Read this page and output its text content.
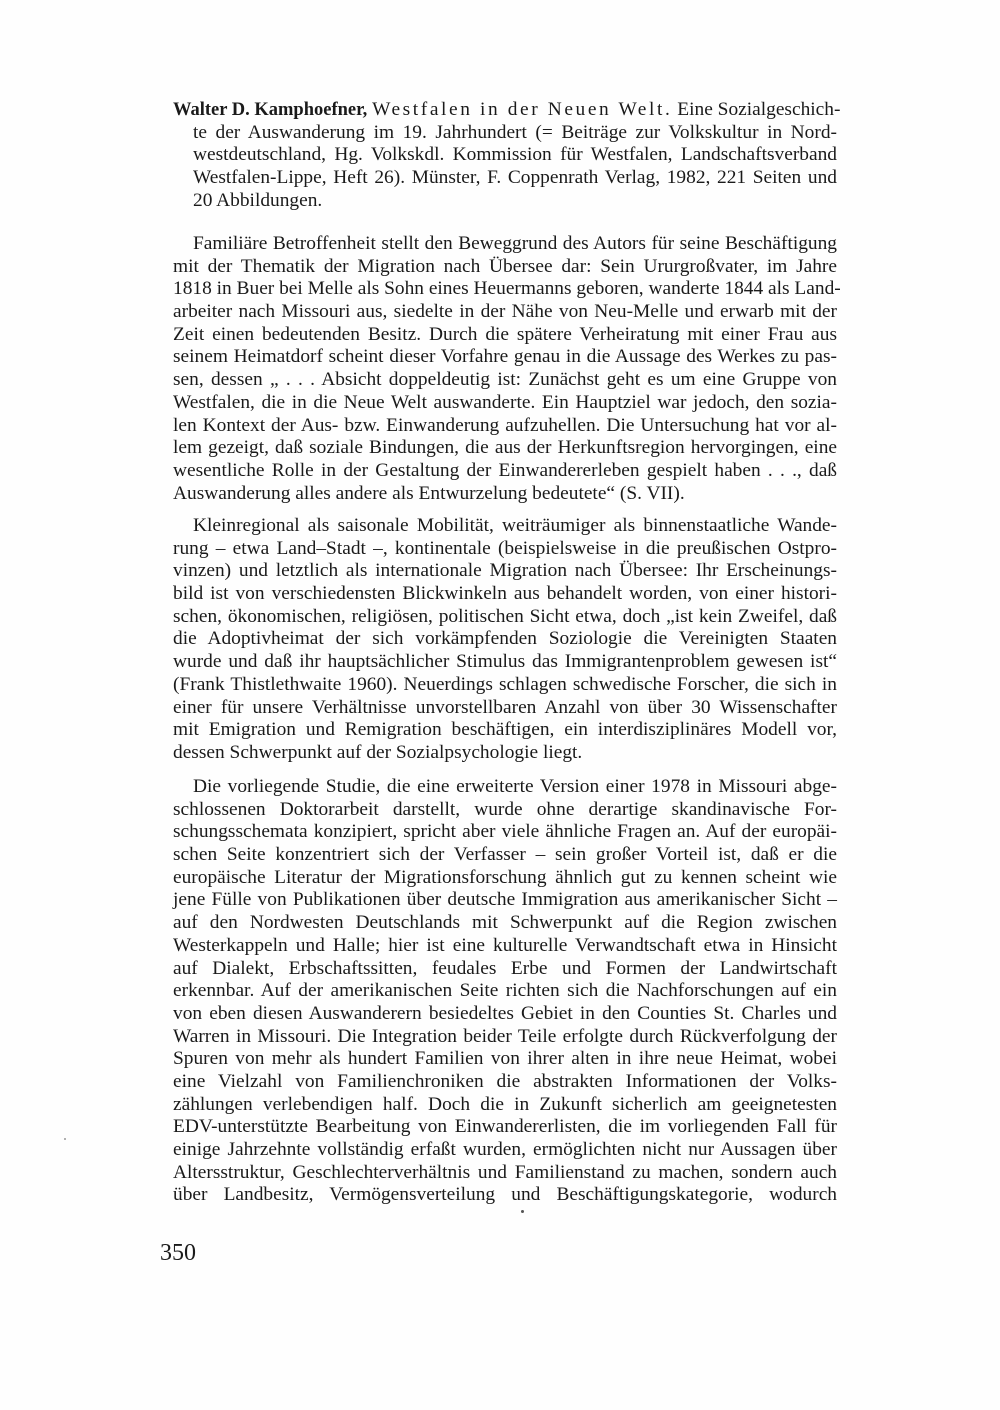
Walter D. Kamphoefner, Westfalen in der Neuen Welt. Eine Sozialgeschich-
te der Auswanderung im 19. Jahrhundert (= Beiträge zur Volkskultur in Nord-
westdeutschland, Hg. Volkskdl. Kommission für Westfalen, Landschaftsverband
Westfalen-Lippe, Heft 26). Münster, F. Coppenrath Verlag, 1982, 221 Seiten und
20 Abbildungen.
Familiäre Betroffenheit stellt den Beweggrund des Autors für seine Beschäftigung
mit der Thematik der Migration nach Übersee dar: Sein Ururgroßvater, im Jahre
1818 in Buer bei Melle als Sohn eines Heuermanns geboren, wanderte 1844 als Land-
arbeiter nach Missouri aus, siedelte in der Nähe von Neu-Melle und erwarb mit der
Zeit einen bedeutenden Besitz. Durch die spätere Verheiratung mit einer Frau aus
seinem Heimatdorf scheint dieser Vorfahre genau in die Aussage des Werkes zu pas-
sen, dessen „ . . . Absicht doppeldeutig ist: Zunächst geht es um eine Gruppe von
Westfalen, die in die Neue Welt auswanderte. Ein Hauptziel war jedoch, den sozia-
len Kontext der Aus- bzw. Einwanderung aufzuhellen. Die Untersuchung hat vor al-
lem gezeigt, daß soziale Bindungen, die aus der Herkunftsregion hervorgingen, eine
wesentliche Rolle in der Gestaltung der Einwandererleben gespielt haben . . ., daß
Auswanderung alles andere als Entwurzelung bedeutete“ (S. VII).
Kleinregional als saisonale Mobilität, weiträumiger als binnenstaatliche Wande-
rung – etwa Land–Stadt –, kontinentale (beispielsweise in die preußischen Ostpro-
vinzen) und letztlich als internationale Migration nach Übersee: Ihr Erscheinungs-
bild ist von verschiedensten Blickwinkeln aus behandelt worden, von einer histori-
schen, ökonomischen, religiösen, politischen Sicht etwa, doch „ist kein Zweifel, daß
die Adoptivheimat der sich vorkämpfenden Soziologie die Vereinigten Staaten
wurde und daß ihr hauptsächlicher Stimulus das Immigrantenproblem gewesen ist“
(Frank Thistlethwaite 1960). Neuerdings schlagen schwedische Forscher, die sich in
einer für unsere Verhältnisse unvorstellbaren Anzahl von über 30 Wissenschafter
mit Emigration und Remigration beschäftigen, ein interdisziplinäres Modell vor,
dessen Schwerpunkt auf der Sozialpsychologie liegt.
Die vorliegende Studie, die eine erweiterte Version einer 1978 in Missouri abge-
schlossenen Doktorarbeit darstellt, wurde ohne derartige skandinavische For-
schungsschemata konzipiert, spricht aber viele ähnliche Fragen an. Auf der europäi-
schen Seite konzentriert sich der Verfasser – sein großer Vorteil ist, daß er die
europäische Literatur der Migrationsforschung ähnlich gut zu kennen scheint wie
jene Fülle von Publikationen über deutsche Immigration aus amerikanischer Sicht –
auf den Nordwesten Deutschlands mit Schwerpunkt auf die Region zwischen
Westerkappeln und Halle; hier ist eine kulturelle Verwandtschaft etwa in Hinsicht
auf Dialekt, Erbschaftssitten, feudales Erbe und Formen der Landwirtschaft
erkennbar. Auf der amerikanischen Seite richten sich die Nachforschungen auf ein
von eben diesen Auswanderern besiedeltes Gebiet in den Counties St. Charles und
Warren in Missouri. Die Integration beider Teile erfolgte durch Rückverfolgung der
Spuren von mehr als hundert Familien von ihrer alten in ihre neue Heimat, wobei
eine Vielzahl von Familienchroniken die abstrakten Informationen der Volks-
zählungen verlebendigen half. Doch die in Zukunft sicherlich am geeignetesten
EDV-unterstützte Bearbeitung von Einwandererlisten, die im vorliegenden Fall für
einige Jahrzehnte vollständig erfaßt wurden, ermöglichten nicht nur Aussagen über
Altersstruktur, Geschlechterverhältnis und Familienstand zu machen, sondern auch
über Landbesitz, Vermögensverteilung und Beschäftigungskategorie, wodurch
350
